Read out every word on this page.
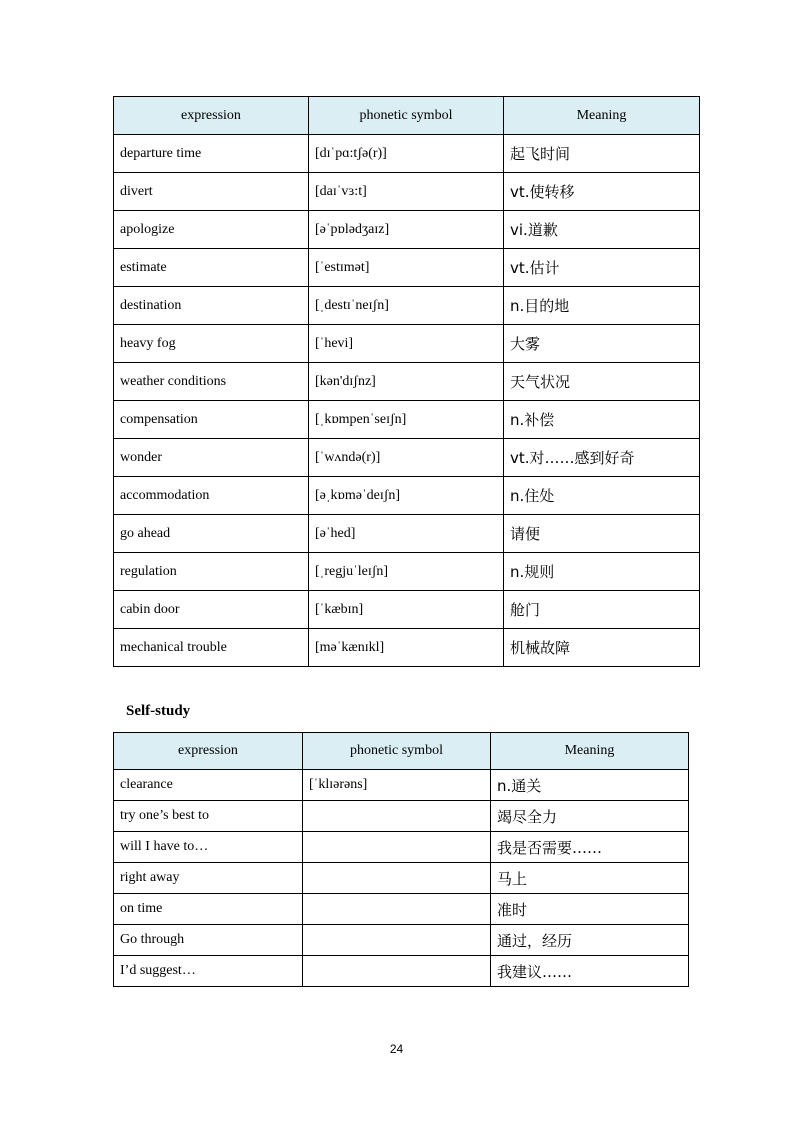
expression	phonetic symbol	Meaning
departure time	[dɪˈpɑ:tʃə(r)]	起飞时间
divert	[daɪˈvɜ:t]	vt.使转移
apologize	[əˈpɒlədʒaɪz]	vi.道歉
estimate	[ˈestɪmət]	vt.估计
destination	[ˌdestɪˈneɪʃn]	n.目的地
heavy fog	[ˈhevi]	大雾
weather conditions	[kən'dɪʃnz]	天气状况
compensation	[ˌkɒmpenˈseɪʃn]	n.补偿
wonder	[ˈwʌndə(r)]	vt.对……感到好奇
accommodation	[əˌkɒməˈdeɪʃn]	n.住处
go ahead	[əˈhed]	请便
regulation	[ˌregjuˈleɪʃn]	n.规则
cabin door	[ˈkæbɪn]	舱门
mechanical trouble	[məˈkænɪkl]	机械故障
Self-study
expression	phonetic symbol	Meaning
clearance	[ˈklɪərəns]	n.通关
try one’s best to		竭尽全力
will I have to…		我是否需要……
right away		马上
on time		准时
Go through		通过，经历
I’d suggest…		我建议……
24
